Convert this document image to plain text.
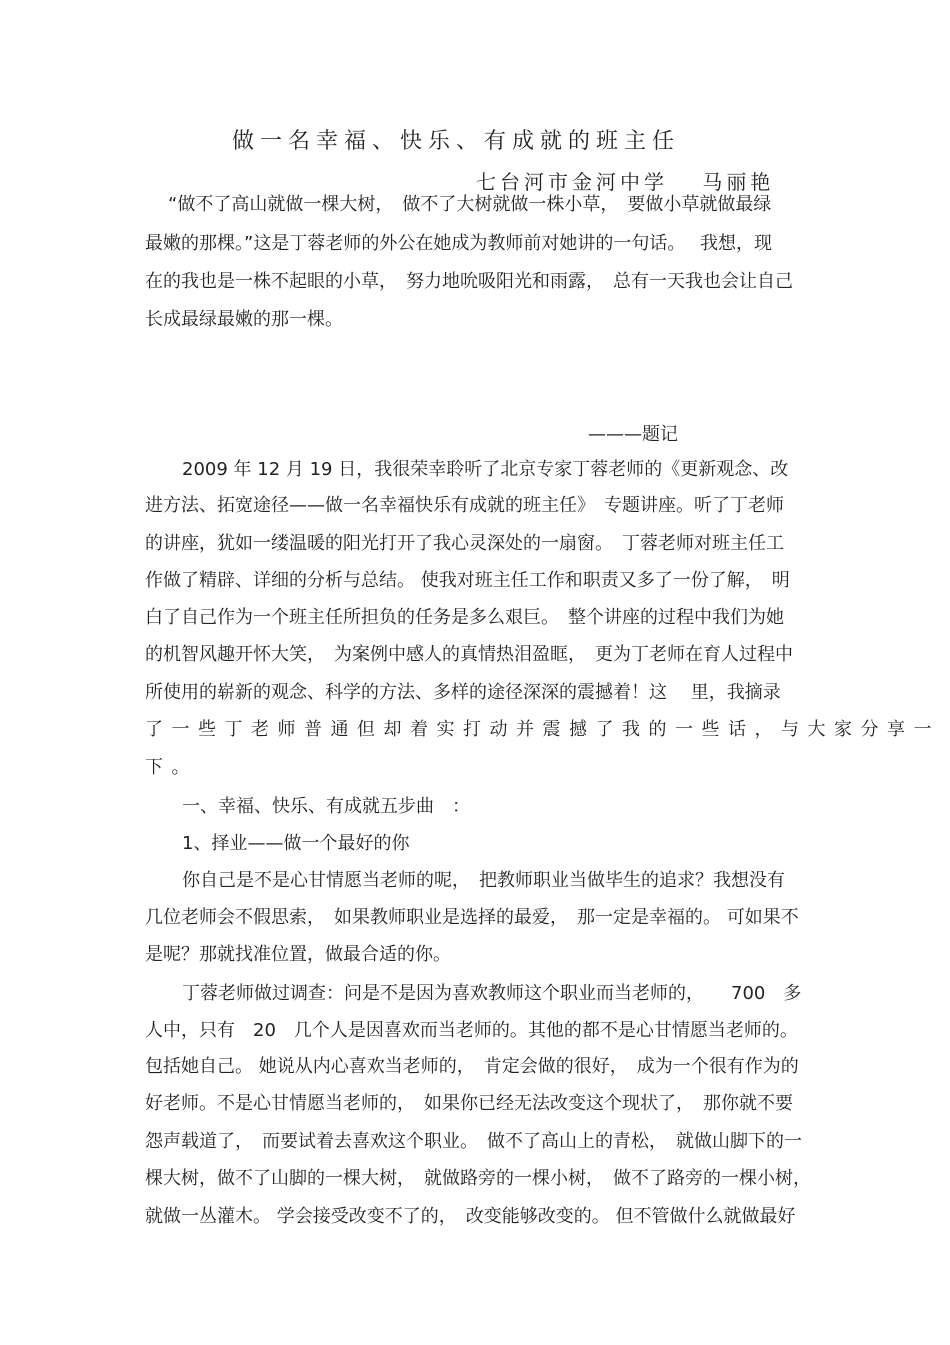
做一名幸福、快乐、有成就的班主任
七台河市金河中学　 马丽艳
“做不了高山就做一棵大树，　做不了大树就做一株小草，　要做小草就做最绿
最嫩的那棵。”这是丁蓉老师的外公在她成为教师前对她讲的一句话。　 我想，现
在的我也是一株不起眼的小草，　努力地吮吸阳光和雨露，　总有一天我也会让自己
长成最绿最嫩的那一棵。
———题记
2009 年 12 月 19 日，我很荣幸聆听了北京专家丁蓉老师的《更新观念、改
进方法、拓宽途径——做一名幸福快乐有成就的班主任》　专题讲座。听了丁老师
的讲座，犹如一缕温暖的阳光打开了我心灵深处的一扇窗。　丁蓉老师对班主任工
作做了精辟、详细的分析与总结。 使我对班主任工作和职责又多了一份了解，　明
白了自己作为一个班主任所担负的任务是多么艰巨。　整个讲座的过程中我们为她
的机智风趣开怀大笑，　为案例中感人的真情热泪盈眶，　更为丁老师在育人过程中
所使用的崭新的观念、科学的方法、多样的途径深深的震撼着！这　 里，我摘录
了一些丁老师普通但却着实打动并震撼了我的一些话，与大家分享一
下。
一、幸福、快乐、有成就五步曲　：
1、择业——做一个最好的你
你自己是不是心甘情愿当老师的呢，　把教师职业当做毕生的追求？我想没有
几位老师会不假思索，　如果教师职业是选择的最爱，　那一定是幸福的。 可如果不
是呢？那就找准位置，做最合适的你。
丁蓉老师做过调查：问是不是因为喜欢教师这个职业而当老师的，　　700　多
人中，只有　20　几个人是因喜欢而当老师的。其他的都不是心甘情愿当老师的。
包括她自己。 她说从内心喜欢当老师的，　肯定会做的很好，　成为一个很有作为的
好老师。不是心甘情愿当老师的，　如果你已经无法改变这个现状了，　那你就不要
怨声载道了，　而要试着去喜欢这个职业。　做不了高山上的青松，　就做山脚下的一
棵大树，做不了山脚的一棵大树，　就做路旁的一棵小树，　做不了路旁的一棵小树，
就做一丛灌木。 学会接受改变不了的，　改变能够改变的。 但不管做什么就做最好
